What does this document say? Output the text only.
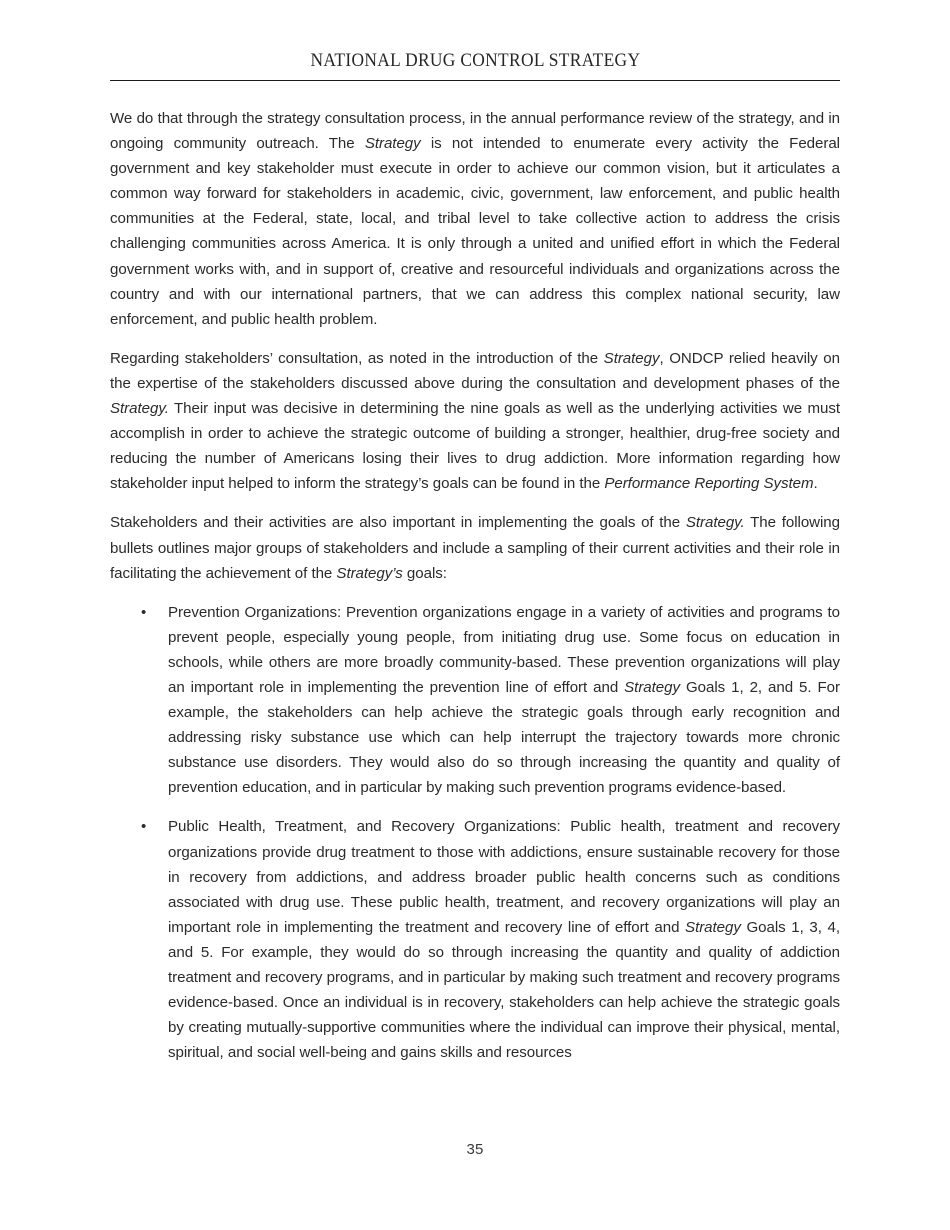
NATIONAL DRUG CONTROL STRATEGY

We do that through the strategy consultation process, in the annual performance review of the strategy, and in ongoing community outreach. The Strategy is not intended to enumerate every activity the Federal government and key stakeholder must execute in order to achieve our common vision, but it articulates a common way forward for stakeholders in academic, civic, government, law enforcement, and public health communities at the Federal, state, local, and tribal level to take collective action to address the crisis challenging communities across America. It is only through a united and unified effort in which the Federal government works with, and in support of, creative and resourceful individuals and organizations across the country and with our international partners, that we can address this complex national security, law enforcement, and public health problem.

Regarding stakeholders’ consultation, as noted in the introduction of the Strategy, ONDCP relied heavily on the expertise of the stakeholders discussed above during the consultation and development phases of the Strategy. Their input was decisive in determining the nine goals as well as the underlying activities we must accomplish in order to achieve the strategic outcome of building a stronger, healthier, drug-free society and reducing the number of Americans losing their lives to drug addiction. More information regarding how stakeholder input helped to inform the strategy’s goals can be found in the Performance Reporting System.

Stakeholders and their activities are also important in implementing the goals of the Strategy. The following bullets outlines major groups of stakeholders and include a sampling of their current activities and their role in facilitating the achievement of the Strategy’s goals:

• Prevention Organizations: Prevention organizations engage in a variety of activities and programs to prevent people, especially young people, from initiating drug use. Some focus on education in schools, while others are more broadly community-based. These prevention organizations will play an important role in implementing the prevention line of effort and Strategy Goals 1, 2, and 5. For example, the stakeholders can help achieve the strategic goals through early recognition and addressing risky substance use which can help interrupt the trajectory towards more chronic substance use disorders. They would also do so through increasing the quantity and quality of prevention education, and in particular by making such prevention programs evidence-based.
• Public Health, Treatment, and Recovery Organizations: Public health, treatment and recovery organizations provide drug treatment to those with addictions, ensure sustainable recovery for those in recovery from addictions, and address broader public health concerns such as conditions associated with drug use. These public health, treatment, and recovery organizations will play an important role in implementing the treatment and recovery line of effort and Strategy Goals 1, 3, 4, and 5. For example, they would do so through increasing the quantity and quality of addiction treatment and recovery programs, and in particular by making such treatment and recovery programs evidence-based. Once an individual is in recovery, stakeholders can help achieve the strategic goals by creating mutually-supportive communities where the individual can improve their physical, mental, spiritual, and social well-being and gains skills and resources
35
